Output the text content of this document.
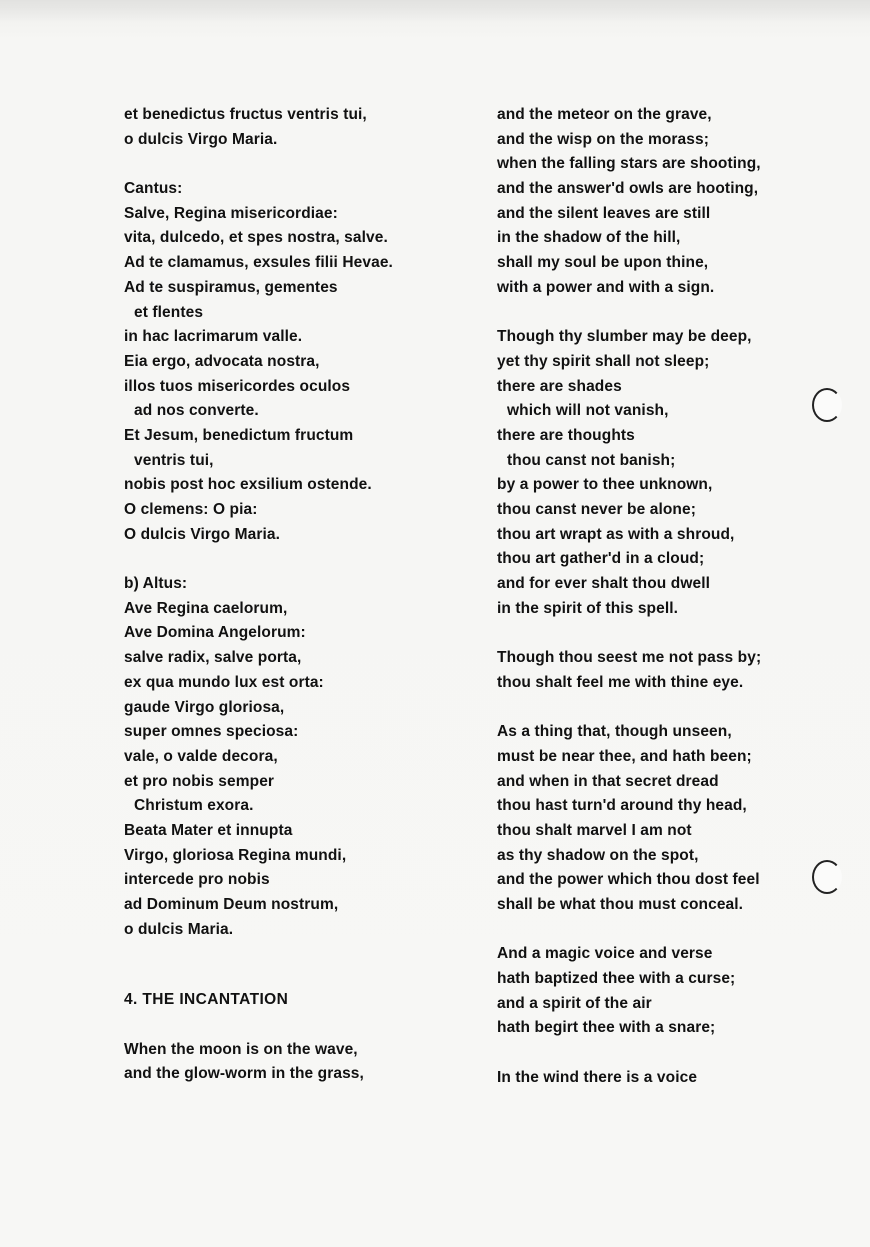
et benedictus fructus ventris tui,
o dulcis Virgo Maria.
Cantus:
Salve, Regina misericordiae:
vita, dulcedo, et spes nostra, salve.
Ad te clamamus, exsules filii Hevae.
Ad te suspiramus, gementes
et flentes
in hac lacrimarum valle.
Eia ergo, advocata nostra,
illos tuos misericordes oculos
ad nos converte.
Et Jesum, benedictum fructum
ventris tui,
nobis post hoc exsilium ostende.
O clemens: O pia:
O dulcis Virgo Maria.
b) Altus:
Ave Regina caelorum,
Ave Domina Angelorum:
salve radix, salve porta,
ex qua mundo lux est orta:
gaude Virgo gloriosa,
super omnes speciosa:
vale, o valde decora,
et pro nobis semper
Christum exora.
Beata Mater et innupta
Virgo, gloriosa Regina mundi,
intercede pro nobis
ad Dominum Deum nostrum,
o dulcis Maria.
4. THE INCANTATION
When the moon is on the wave,
and the glow-worm in the grass,
and the meteor on the grave,
and the wisp on the morass;
when the falling stars are shooting,
and the answer'd owls are hooting,
and the silent leaves are still
in the shadow of the hill,
shall my soul be upon thine,
with a power and with a sign.
Though thy slumber may be deep,
yet thy spirit shall not sleep;
there are shades
which will not vanish,
there are thoughts
thou canst not banish;
by a power to thee unknown,
thou canst never be alone;
thou art wrapt as with a shroud,
thou art gather'd in a cloud;
and for ever shalt thou dwell
in the spirit of this spell.
Though thou seest me not pass by;
thou shalt feel me with thine eye.
As a thing that, though unseen,
must be near thee, and hath been;
and when in that secret dread
thou hast turn'd around thy head,
thou shalt marvel I am not
as thy shadow on the spot,
and the power which thou dost feel
shall be what thou must conceal.
And a magic voice and verse
hath baptized thee with a curse;
and a spirit of the air
hath begirt thee with a snare;
In the wind there is a voice
